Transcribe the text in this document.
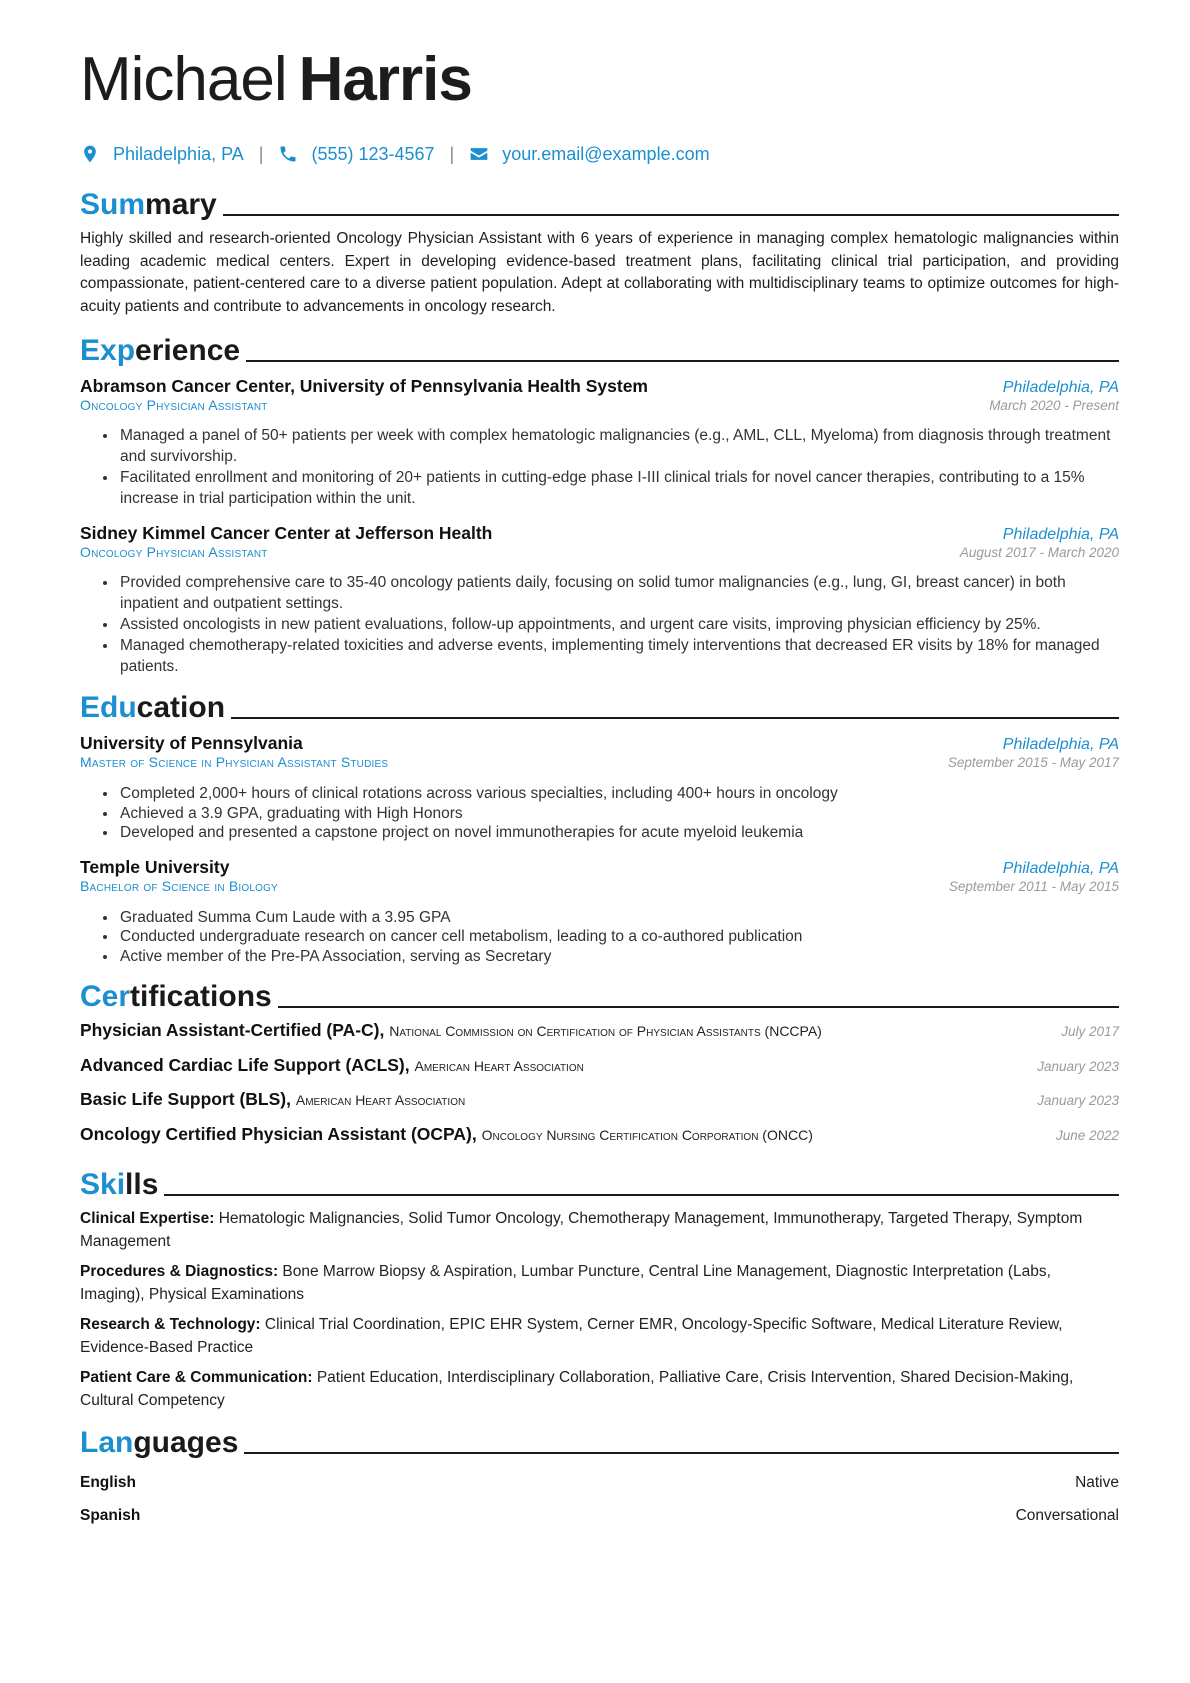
Michael Harris
Philadelphia, PA |	(555) 123-4567 |	your.email@example.com
Summary

Highly skilled and research-oriented Oncology Physician Assistant with 6 years of experience in managing complex hematologic malignancies within leading academic medical centers. Expert in developing evidence-based treatment plans, facilitating clinical trial participation, and providing compassionate, patient-centered care to a diverse patient population. Adept at collaborating with multidisciplinary teams to optimize outcomes for high-acuity patients and contribute to advancements in oncology research.

Experience
Abramson Cancer Center, University of Pennsylvania Health System	Philadelphia, PA
Oncology Physician Assistant	March 2020 - Present
• Managed a panel of 50+ patients per week with complex hematologic malignancies (e.g., AML, CLL, Myeloma) from diagnosis through treatment and survivorship.
• Facilitated enrollment and monitoring of 20+ patients in cutting-edge phase I-III clinical trials for novel cancer therapies, contributing to a 15% increase in trial participation within the unit.
Sidney Kimmel Cancer Center at Jefferson Health	Philadelphia, PA
Oncology Physician Assistant	August 2017 - March 2020
• Provided comprehensive care to 35-40 oncology patients daily, focusing on solid tumor malignancies (e.g., lung, GI, breast cancer) in both inpatient and outpatient settings.
• Assisted oncologists in new patient evaluations, follow-up appointments, and urgent care visits, improving physician efficiency by 25%.
• Managed chemotherapy-related toxicities and adverse events, implementing timely interventions that decreased ER visits by 18% for managed patients.
Education
University of Pennsylvania	Philadelphia, PA
Master of Science in Physician Assistant Studies	September 2015 - May 2017
• Completed 2,000+ hours of clinical rotations across various specialties, including 400+ hours in oncology
• Achieved a 3.9 GPA, graduating with High Honors
• Developed and presented a capstone project on novel immunotherapies for acute myeloid leukemia
Temple University	Philadelphia, PA
Bachelor of Science in Biology	September 2011 - May 2015
• Graduated Summa Cum Laude with a 3.95 GPA
• Conducted undergraduate research on cancer cell metabolism, leading to a co-authored publication
• Active member of the Pre-PA Association, serving as Secretary
Certifications
Physician Assistant-Certified (PA-C), National Commission on Certification of Physician Assistants (NCCPA)	July 2017
Advanced Cardiac Life Support (ACLS), American Heart Association	January 2023
Basic Life Support (BLS), American Heart Association	January 2023
Oncology Certified Physician Assistant (OCPA), Oncology Nursing Certification Corporation (ONCC)	June 2022
Skills
Clinical Expertise: Hematologic Malignancies, Solid Tumor Oncology, Chemotherapy Management, Immunotherapy, Targeted Therapy, Symptom Management
Procedures & Diagnostics: Bone Marrow Biopsy & Aspiration, Lumbar Puncture, Central Line Management, Diagnostic Interpretation (Labs, Imaging), Physical Examinations
Research & Technology: Clinical Trial Coordination, EPIC EHR System, Cerner EMR, Oncology-Specific Software, Medical Literature Review, Evidence-Based Practice
Patient Care & Communication: Patient Education, Interdisciplinary Collaboration, Palliative Care, Crisis Intervention, Shared Decision-Making, Cultural Competency
Languages
English	Native
Spanish	Conversational
